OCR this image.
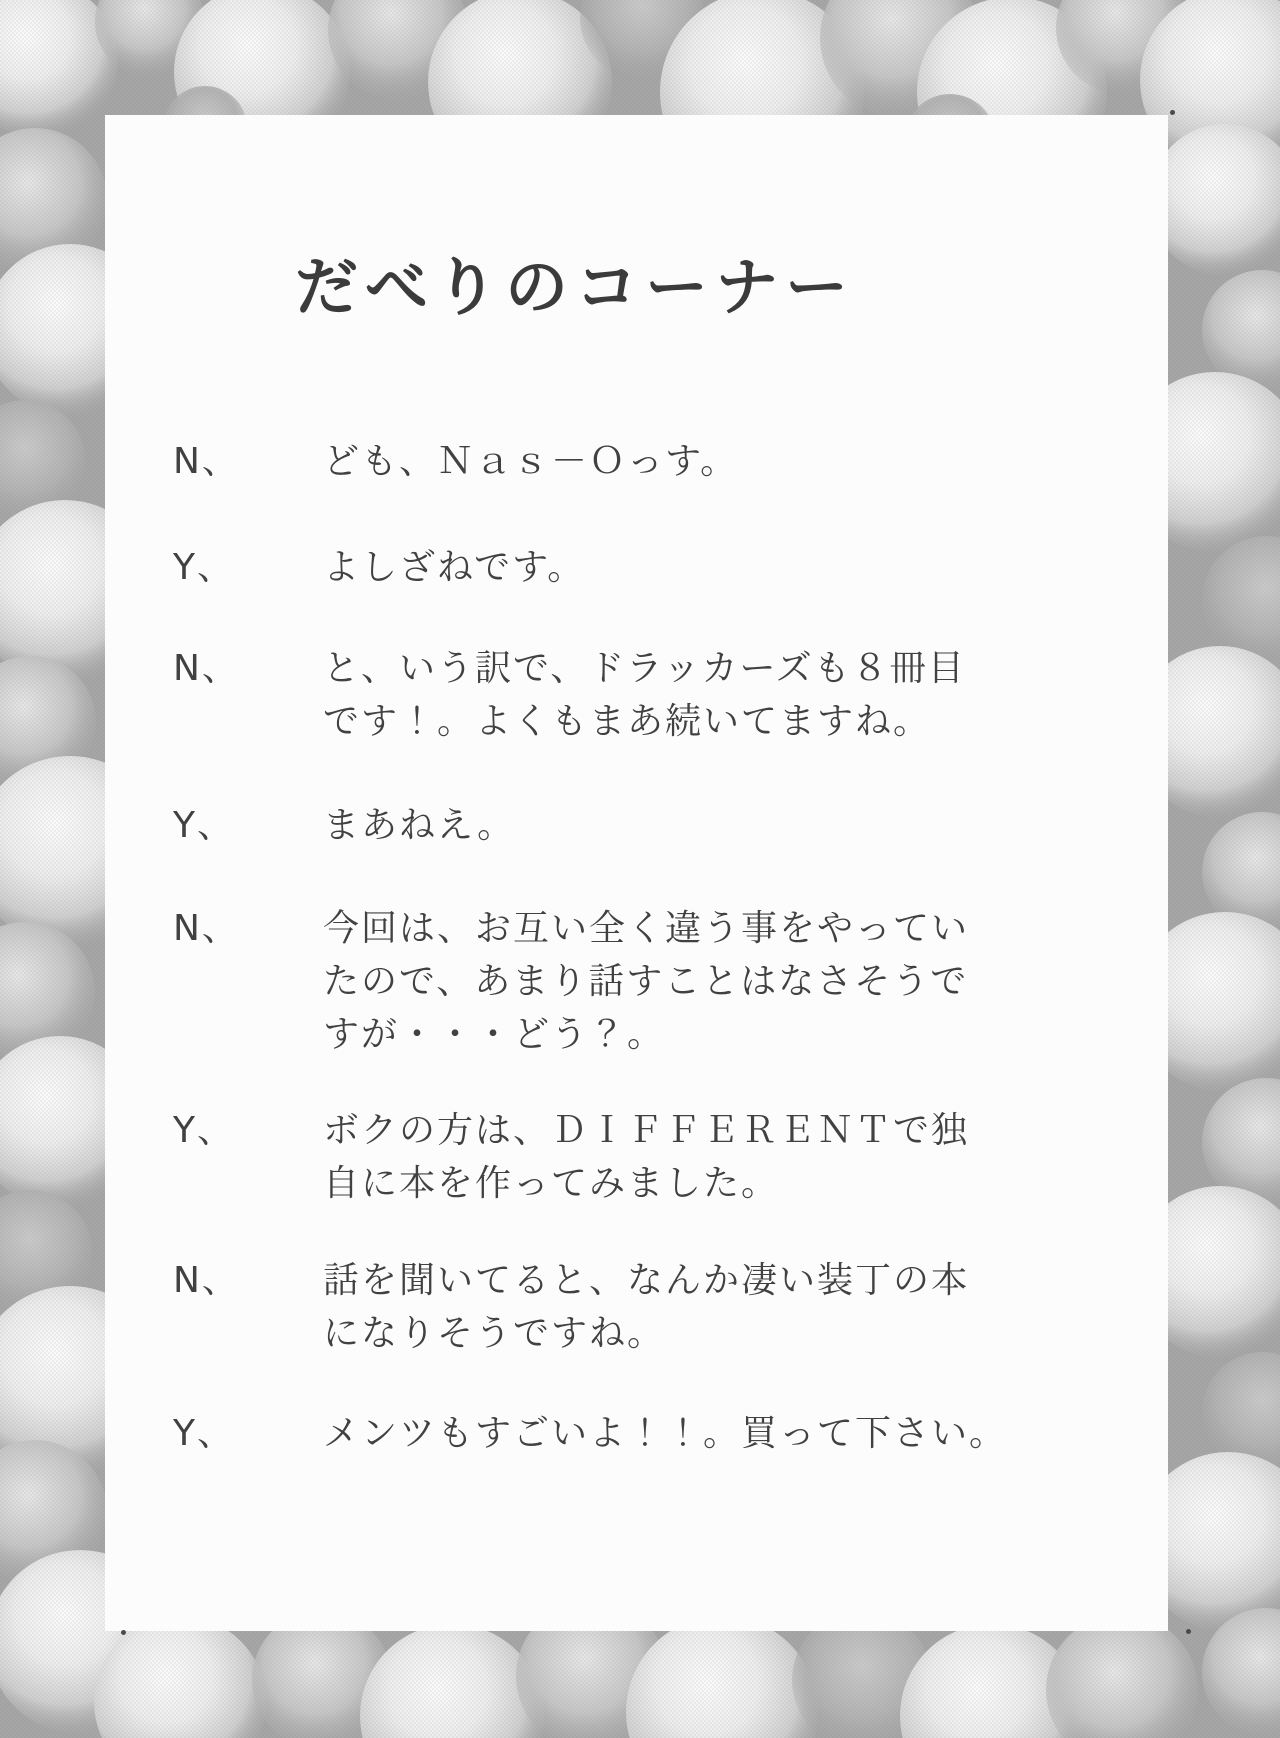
だべりのコーナー
N、 ども、Ｎａｓ－Ｏっす。
Y、 よしざねです。
N、 と、いう訳で、ドラッカーズも８冊目
です！。よくもまあ続いてますね。
Y、 まあねえ。
N、 今回は、お互い全く違う事をやってい
たので、あまり話すことはなさそうで
すが・・・どう？。
Y、 ボクの方は、ＤＩＦＦＥＲＥＮＴで独
自に本を作ってみました。
N、 話を聞いてると、なんか凄い装丁の本
になりそうですね。
Y、 メンツもすごいよ！！。買って下さい。
